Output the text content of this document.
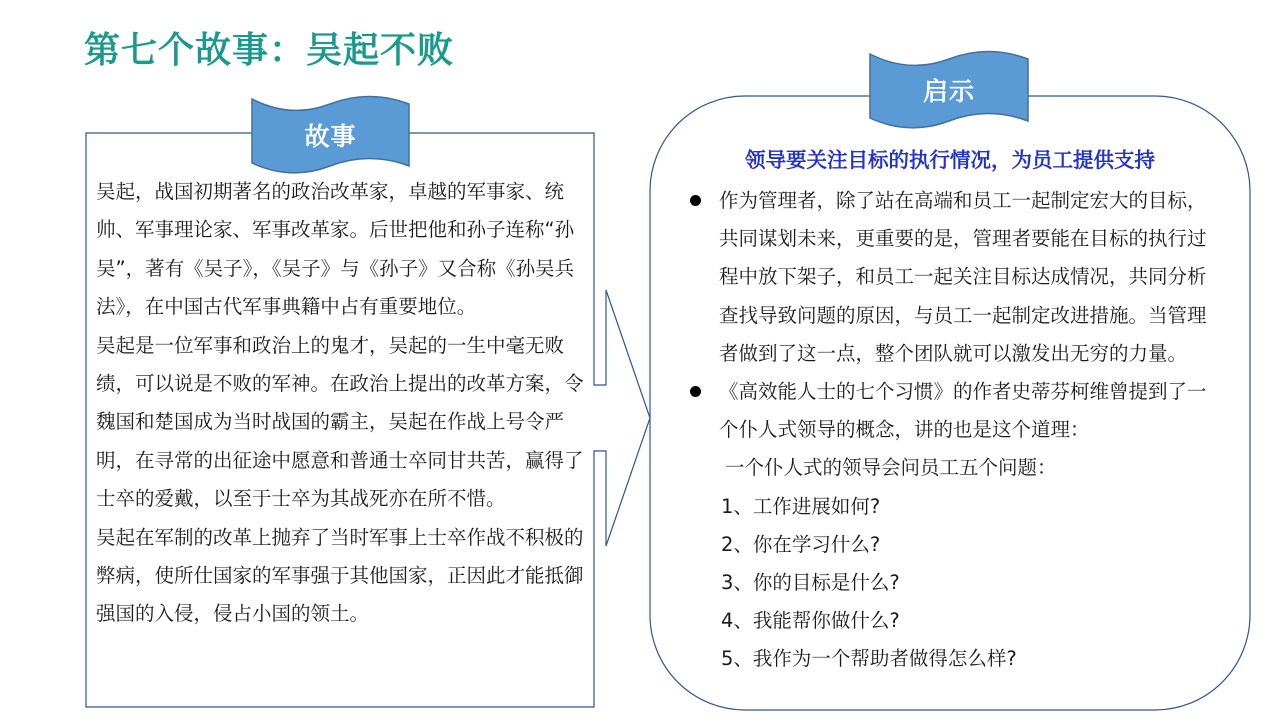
第七个故事：吴起不败
故事
启示

吴起，战国初期著名的政治改革家，卓越的军事家、统帅、军事理论家、军事改革家。后世把他和孙子连称“孙吴”，著有《吴子》，《吴子》与《孙子》又合称《孙吴兵法》，在中国古代军事典籍中占有重要地位。

吴起是一位军事和政治上的鬼才，吴起的一生中毫无败绩，可以说是不败的军神。在政治上提出的改革方案，令魏国和楚国成为当时战国的霸主，吴起在作战上号令严明，在寻常的出征途中愿意和普通士卒同甘共苦，赢得了士卒的爱戴，以至于士卒为其战死亦在所不惜。

吴起在军制的改革上抛弃了当时军事上士卒作战不积极的弊病，使所仕国家的军事强于其他国家，正因此才能抵御强国的入侵，侵占小国的领土。

领导要关注目标的执行情况，为员工提供支持
作为管理者，除了站在高端和员工一起制定宏大的目标，共同谋划未来，更重要的是，管理者要能在目标的执行过程中放下架子，和员工一起关注目标达成情况，共同分析查找导致问题的原因，与员工一起制定改进措施。当管理者做到了这一点，整个团队就可以激发出无穷的力量。
《高效能人士的七个习惯》的作者史蒂芬柯维曾提到了一个仆人式领导的概念，讲的也是这个道理：
一个仆人式的领导会问员工五个问题：
1、工作进展如何?
2、你在学习什么?
3、你的目标是什么?
4、我能帮你做什么?
5、我作为一个帮助者做得怎么样?
